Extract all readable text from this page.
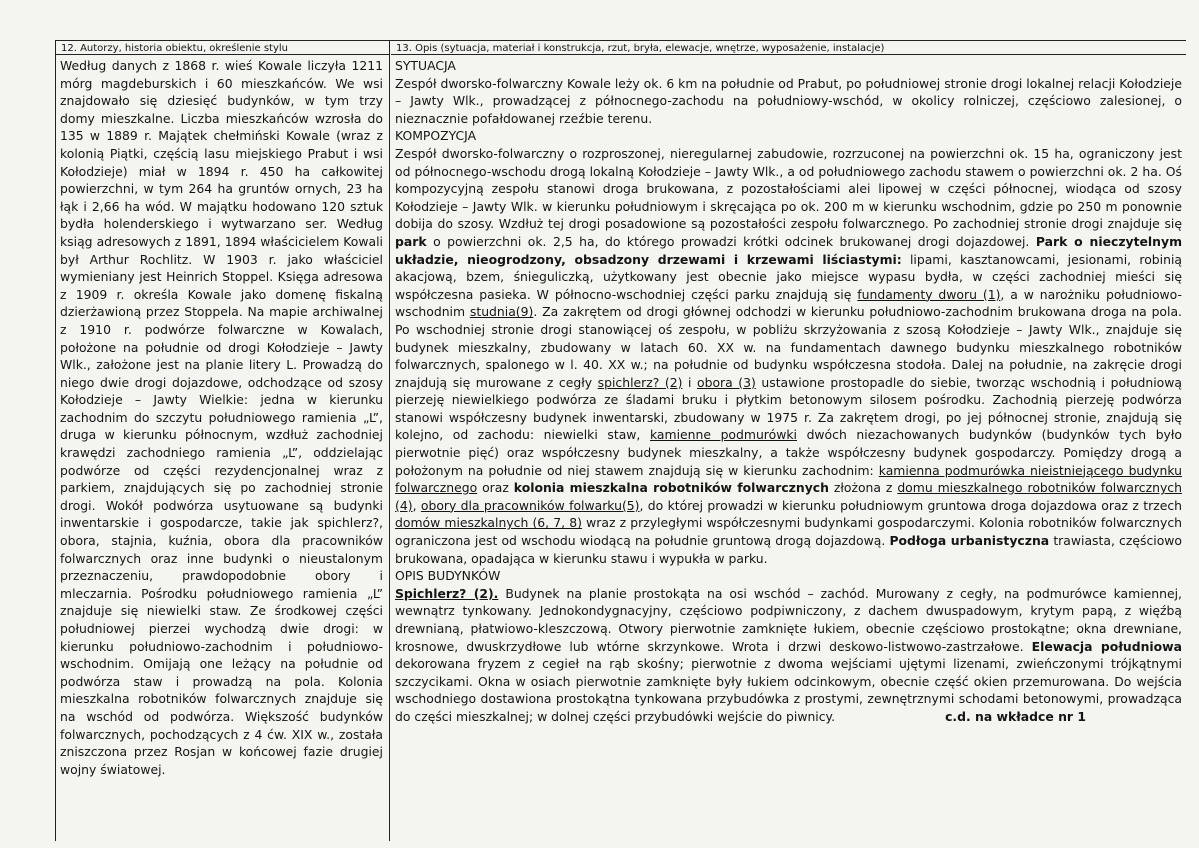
12. Autorzy, historia obiektu, określenie stylu

Według danych z 1868 r. wieś Kowale liczyła 1211 mórg magdeburskich i 60 mieszkańców. We wsi znajdowało się dziesięć budynków, w tym trzy domy mieszkalne. Liczba mieszkańców wzrosła do 135 w 1889 r. Majątek chełmiński Kowale (wraz z kolonią Piątki, częścią lasu miejskiego Prabut i wsi Kołodzieje) miał w 1894 r. 450 ha całkowitej powierzchni, w tym 264 ha gruntów ornych, 23 ha łąk i 2,66 ha wód. W majątku hodowano 120 sztuk bydła holenderskiego i wytwarzano ser. Według ksiąg adresowych z 1891, 1894 właścicielem Kowali był Arthur Rochlitz. W 1903 r. jako właściciel wymieniany jest Heinrich Stoppel. Księga adresowa z 1909 r. określa Kowale jako domenę fiskalną dzierżawioną przez Stoppela. Na mapie archiwalnej z 1910 r. podwórze folwarczne w Kowalach, położone na południe od drogi Kołodzieje – Jawty Wlk., założone jest na planie litery L. Prowadzą do niego dwie drogi dojazdowe, odchodzące od szosy Kołodzieje – Jawty Wielkie: jedna w kierunku zachodnim do szczytu południowego ramienia „L”, druga w kierunku północnym, wzdłuż zachodniej krawędzi zachodniego ramienia „L”, oddzielając podwórze od części rezydencjonalnej wraz z parkiem, znajdujących się po zachodniej stronie drogi. Wokół podwórza usytuowane są budynki inwentarskie i gospodarcze, takie jak spichlerz?, obora, stajnia, kuźnia, obora dla pracowników folwarcznych oraz inne budynki o nieustalonym przeznaczeniu, prawdopodobnie obory i mleczarnia. Pośrodku południowego ramienia „L” znajduje się niewielki staw. Ze środkowej części południowej pierzei wychodzą dwie drogi: w kierunku południowo-zachodnim i południowo-wschodnim. Omijają one leżący na południe od podwórza staw i prowadzą na pola. Kolonia mieszkalna robotników folwarcznych znajduje się na wschód od podwórza. Większość budynków folwarcznych, pochodzących z 4 ćw. XIX w., została zniszczona przez Rosjan w końcowej fazie drugiej wojny światowej.

13. Opis (sytuacja, materiał i konstrukcja, rzut, bryła, elewacje, wnętrze, wyposażenie, instalacje)

SYTUACJA

Zespół dworsko-folwarczny Kowale leży ok. 6 km na południe od Prabut, po południowej stronie drogi lokalnej relacji Kołodzieje – Jawty Wlk., prowadzącej z północnego-zachodu na południowy-wschód, w okolicy rolniczej, częściowo zalesionej, o nieznacznie pofałdowanej rzeźbie terenu.

KOMPOZYCJA

Zespół dworsko-folwarczny o rozproszonej, nieregularnej zabudowie, rozrzuconej na powierzchni ok. 15 ha, ograniczony jest od północnego-wschodu drogą lokalną Kołodzieje – Jawty Wlk., a od południowego zachodu stawem o powierzchni ok. 2 ha. Oś kompozycyjną zespołu stanowi droga brukowana, z pozostałościami alei lipowej w części północnej, wiodąca od szosy Kołodzieje – Jawty Wlk. w kierunku południowym i skręcająca po ok. 200 m w kierunku wschodnim, gdzie po 250 m ponownie dobija do szosy. Wzdłuż tej drogi posadowione są pozostałości zespołu folwarcznego. Po zachodniej stronie drogi znajduje się park o powierzchni ok. 2,5 ha, do którego prowadzi krótki odcinek brukowanej drogi dojazdowej. Park o nieczytelnym układzie, nieogrodzony, obsadzony drzewami i krzewami liściastymi: lipami, kasztanowcami, jesionami, robinią akacjową, bzem, śnieguliczką, użytkowany jest obecnie jako miejsce wypasu bydła, w części zachodniej mieści się współczesna pasieka. W północno-wschodniej części parku znajdują się fundamenty dworu (1), a w narożniku południowo-wschodnim studnia(9). Za zakrętem od drogi głównej odchodzi w kierunku południowo-zachodnim brukowana droga na pola. Po wschodniej stronie drogi stanowiącej oś zespołu, w pobliżu skrzyżowania z szosą Kołodzieje – Jawty Wlk., znajduje się budynek mieszkalny, zbudowany w latach 60. XX w. na fundamentach dawnego budynku mieszkalnego robotników folwarcznych, spalonego w l. 40. XX w.; na południe od budynku współczesna stodoła. Dalej na południe, na zakręcie drogi znajdują się murowane z cegły spichlerz? (2) i obora (3) ustawione prostopadle do siebie, tworząc wschodnią i południową pierzeję niewielkiego podwórza ze śladami bruku i płytkim betonowym silosem pośrodku. Zachodnią pierzeję podwórza stanowi współczesny budynek inwentarski, zbudowany w 1975 r. Za zakrętem drogi, po jej północnej stronie, znajdują się kolejno, od zachodu: niewielki staw, kamienne podmurówki dwóch niezachowanych budynków (budynków tych było pierwotnie pięć) oraz współczesny budynek mieszkalny, a także współczesny budynek gospodarczy. Pomiędzy drogą a położonym na południe od niej stawem znajdują się w kierunku zachodnim: kamienna podmurówka nieistniejącego budynku folwarcznego oraz kolonia mieszkalna robotników folwarcznych złożona z domu mieszkalnego robotników folwarcznych (4), obory dla pracowników folwarku(5), do której prowadzi w kierunku południowym gruntowa droga dojazdowa oraz z trzech domów mieszkalnych (6, 7, 8) wraz z przyległymi współczesnymi budynkami gospodarczymi. Kolonia robotników folwarcznych ograniczona jest od wschodu wiodącą na południe gruntową drogą dojazdową. Podłoga urbanistyczna trawiasta, częściowo brukowana, opadająca w kierunku stawu i wypukła w parku.

OPIS BUDYNKÓW

Spichlerz? (2). Budynek na planie prostokąta na osi wschód – zachód. Murowany z cegły, na podmurówce kamiennej, wewnątrz tynkowany. Jednokondygnacyjny, częściowo podpiwniczony, z dachem dwuspadowym, krytym papą, z więźbą drewnianą, płatwiowo-kleszczową. Otwory pierwotnie zamknięte łukiem, obecnie częściowo prostokątne; okna drewniane, krosnowe, dwuskrzydłowe lub wtórne skrzynkowe. Wrota i drzwi deskowo-listwowo-zastrzałowe. Elewacja południowa dekorowana fryzem z cegieł na rąb skośny; pierwotnie z dwoma wejściami ujętymi lizenami, zwieńczonymi trójkątnymi szczycikami. Okna w osiach pierwotnie zamknięte były łukiem odcinkowym, obecnie część okien przemurowana. Do wejścia wschodniego dostawiona prostokątna tynkowana przybudówka z prostymi, zewnętrznymi schodami betonowymi, prowadząca do części mieszkalnej; w dolnej części przybudówki wejście do piwnicy.	c.d. na wkładce nr 1
